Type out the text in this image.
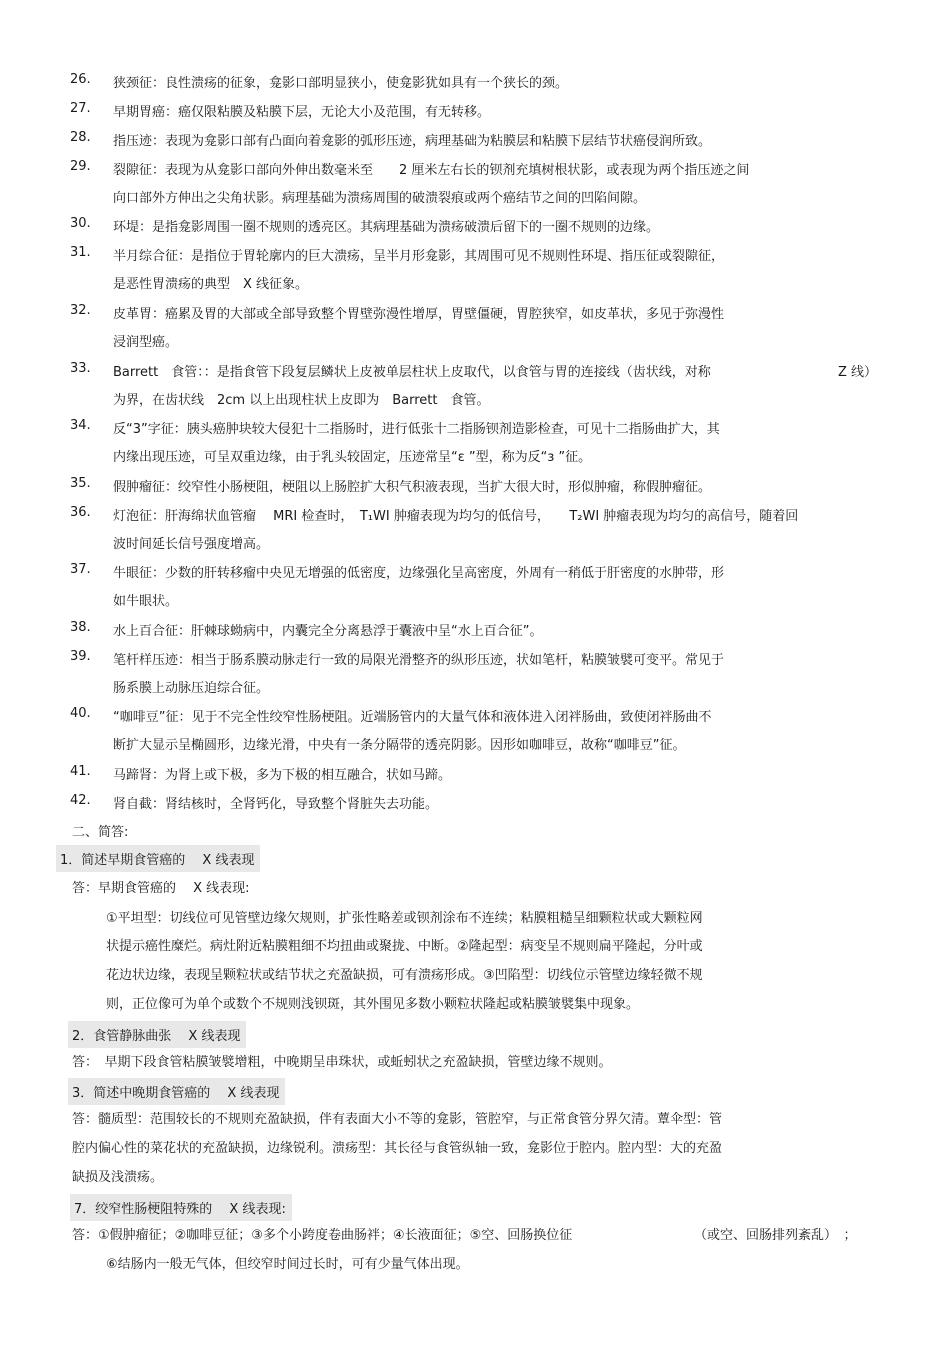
26.	狭颈征：良性溃疡的征象，龛影口部明显狭小，使龛影犹如具有一个狭长的颈。
27.	早期胃癌：癌仅限粘膜及粘膜下层，无论大小及范围，有无转移。
28.	指压迹：表现为龛影口部有凸面向着龛影的弧形压迹，病理基础为粘膜层和粘膜下层结节状癌侵润所致。
29.	裂隙征：表现为从龛影口部向外伸出数毫米至　　2 厘米左右长的钡剂充填树根状影，或表现为两个指压迹之间
向口部外方伸出之尖角状影。病理基础为溃疡周围的破溃裂痕或两个癌结节之间的凹陷间隙。
30.	环堤：是指龛影周围一圈不规则的透亮区。其病理基础为溃疡破溃后留下的一圈不规则的边缘。
31.	半月综合征：是指位于胃轮廓内的巨大溃疡，呈半月形龛影，其周围可见不规则性环堤、指压征或裂隙征，
是恶性胃溃疡的典型　X 线征象。
32.	皮革胃：癌累及胃的大部或全部导致整个胃壁弥漫性增厚，胃壁僵硬，胃腔狭窄，如皮革状，多见于弥漫性
浸润型癌。
33.	Barrett　食管：：是指食管下段复层鳞状上皮被单层柱状上皮取代，以食管与胃的连接线（齿状线，对称
为界，在齿状线　2cm 以上出现柱状上皮即为　Barrett　食管。
Z 线）
34.	反“3”字征：胰头癌肿块较大侵犯十二指肠时，进行低张十二指肠钡剂造影检查，可见十二指肠曲扩大，其
内缘出现压迹，可呈双重边缘，由于乳头较固定，压迹常呈“ε ”型，称为反“з ”征。
35.	假肿瘤征：绞窄性小肠梗阻，梗阻以上肠腔扩大积气积液表现，当扩大很大时，形似肿瘤，称假肿瘤征。
36.	灯泡征：肝海绵状血管瘤　 MRI 检查时，　T₁WI 肿瘤表现为均匀的低信号，　　T₂WI 肿瘤表现为均匀的高信号，随着回
波时间延长信号强度增高。
37.	牛眼征：少数的肝转移瘤中央见无增强的低密度，边缘强化呈高密度，外周有一稍低于肝密度的水肿带，形
如牛眼状。
38.	水上百合征：肝棘球蚴病中，内囊完全分离悬浮于囊液中呈“水上百合征”。
39.	笔杆样压迹：相当于肠系膜动脉走行一致的局限光滑整齐的纵形压迹，状如笔杆，粘膜皱襞可变平。常见于
肠系膜上动脉压迫综合征。
40.	“咖啡豆”征：见于不完全性绞窄性肠梗阻。近端肠管内的大量气体和液体进入闭袢肠曲，致使闭袢肠曲不
断扩大显示呈椭圆形，边缘光滑，中央有一条分隔带的透亮阴影。因形如咖啡豆，故称“咖啡豆”征。
41.	马蹄肾：为肾上或下极，多为下极的相互融合，状如马蹄。
42.	肾自截：肾结核时，全肾钙化，导致整个肾脏失去功能。
二、简答:
1．简述早期食管癌的　 X 线表现
答：早期食管癌的　 X 线表现:
①平坦型：切线位可见管壁边缘欠规则，扩张性略差或钡剂涂布不连续；粘膜粗糙呈细颗粒状或大颗粒网
状提示癌性糜烂。病灶附近粘膜粗细不均扭曲或聚拢、中断。②隆起型：病变呈不规则扁平隆起，分叶或
花边状边缘，表现呈颗粒状或结节状之充盈缺损，可有溃疡形成。③凹陷型：切线位示管壁边缘轻微不规
则，正位像可为单个或数个不规则浅钡斑，其外围见多数小颗粒状隆起或粘膜皱襞集中现象。
2．食管静脉曲张　 X 线表现
答：　早期下段食管粘膜皱襞增粗，中晚期呈串珠状，或蚯蚓状之充盈缺损，管壁边缘不规则。
3．简述中晚期食管癌的　 X 线表现
答：髓质型：范围较长的不规则充盈缺损，伴有表面大小不等的龛影，管腔窄，与正常食管分界欠清。蕈伞型：管
腔内偏心性的菜花状的充盈缺损，边缘锐利。溃疡型：其长径与食管纵轴一致，龛影位于腔内。腔内型：大的充盈
缺损及浅溃疡。
7．绞窄性肠梗阻特殊的　 X 线表现:
答：①假肿瘤征；②咖啡豆征；③多个小跨度卷曲肠袢；④长液面征；⑤空、回肠换位征	（或空、回肠排列紊乱）　；
⑥结肠内一般无气体，但绞窄时间过长时，可有少量气体出现。
